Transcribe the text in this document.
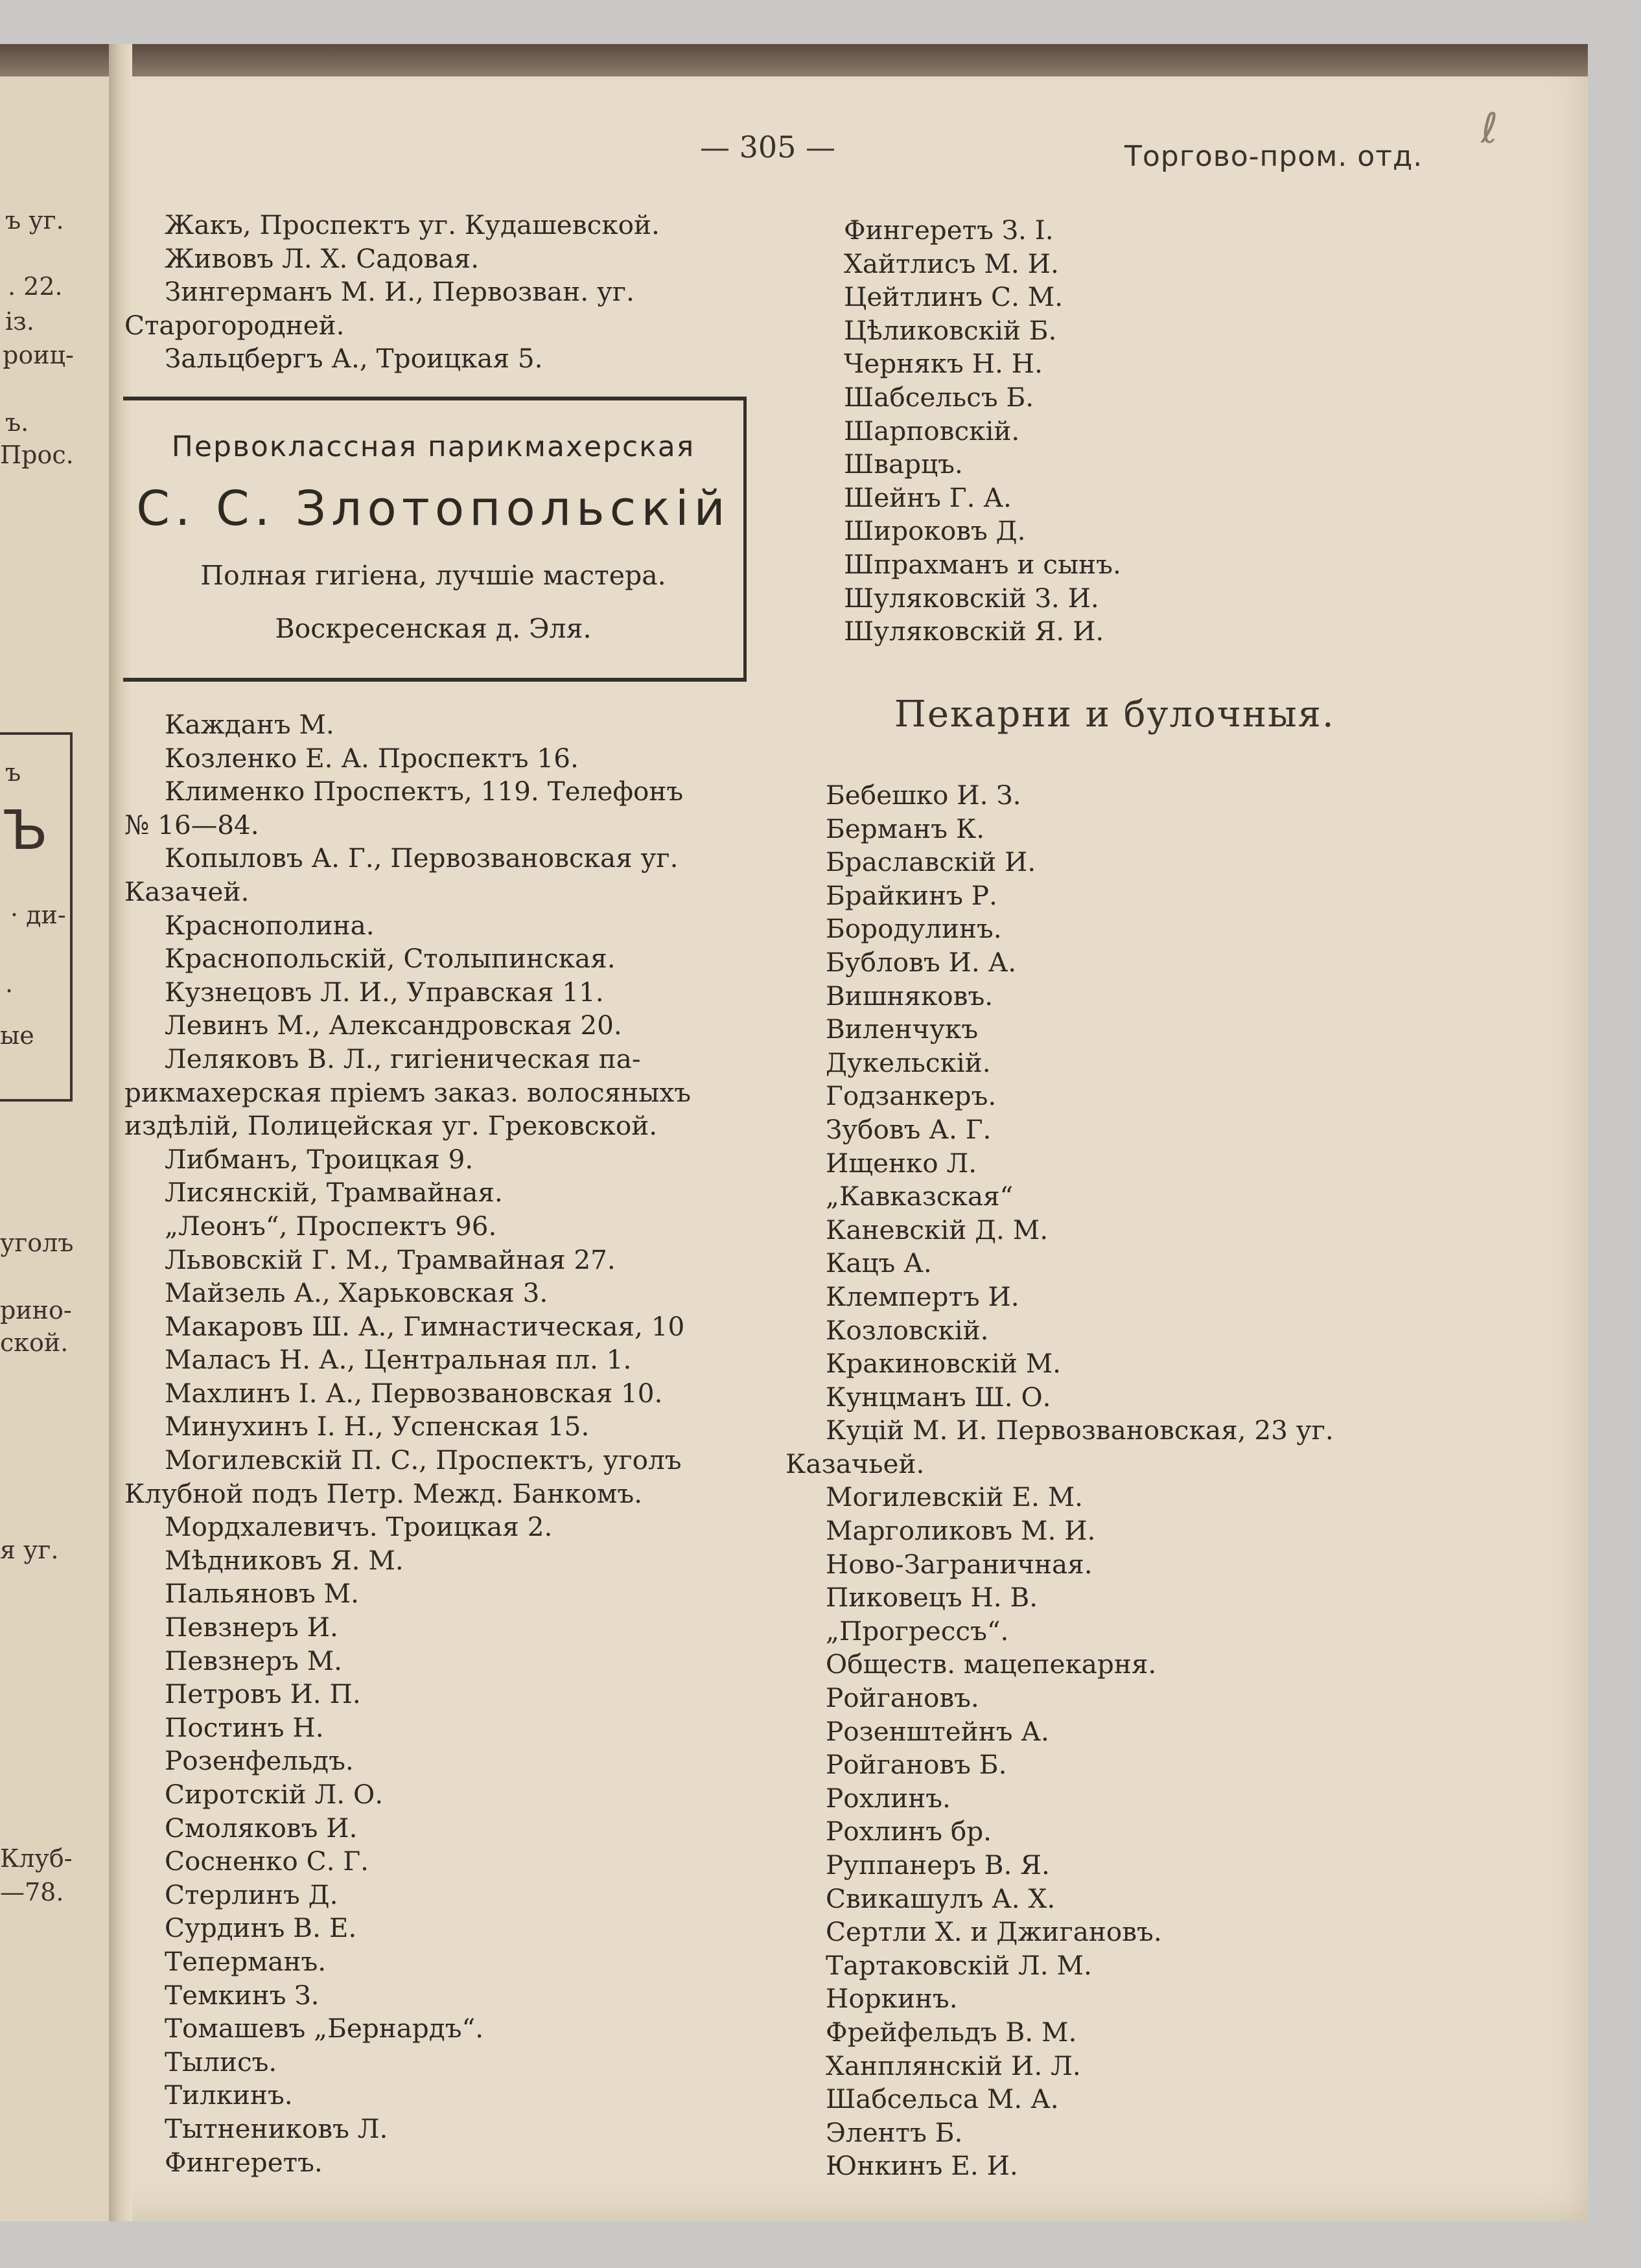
ъ уг.
. 22.
із.
роиц-
ъ.
Прос.
ъ
Ъ
· ди-
.
ые
уголъ
рино-
ской.
я уг.
Клуб-
—78.
— 305 —	Торгово-пром. отд.
ℓ
Жакъ, Проспектъ уг. Кудашевской.
Живовъ Л. Х. Садовая.
Зингерманъ М. И., Первозван. уг.
Старогородней.
Зальцбергъ А., Троицкая 5.
Первоклассная парикмахерская
С. С. Злотопольскій
Полная гигіена, лучшіе мастера.
Воскресенская д. Эля.
Кажданъ М.
Козленко Е. А. Проспектъ 16.
Клименко Проспектъ, 119. Телефонъ
№ 16—84.
Копыловъ А. Г., Первозвановская уг.
Казачей.
Краснополина.
Краснопольскій, Столыпинская.
Кузнецовъ Л. И., Управская 11.
Левинъ М., Александровская 20.
Леляковъ В. Л., гигіеническая па-
рикмахерская пріемъ заказ. волосяныхъ
издѣлій, Полицейская уг. Грековской.
Либманъ, Троицкая 9.
Лисянскій, Трамвайная.
„Леонъ“, Проспектъ 96.
Львовскій Г. М., Трамвайная 27.
Майзель А., Харьковская 3.
Макаровъ Ш. А., Гимнастическая, 10
Маласъ Н. А., Центральная пл. 1.
Махлинъ І. А., Первозвановская 10.
Минухинъ І. Н., Успенская 15.
Могилевскій П. С., Проспектъ, уголъ
Клубной подъ Петр. Межд. Банкомъ.
Мордхалевичъ. Троицкая 2.
Мѣдниковъ Я. М.
Пальяновъ М.
Певзнеръ И.
Певзнеръ М.
Петровъ И. П.
Постинъ Н.
Розенфельдъ.
Сиротскій Л. О.
Смоляковъ И.
Сосненко С. Г.
Стерлинъ Д.
Сурдинъ В. Е.
Теперманъ.
Темкинъ З.
Томашевъ „Бернардъ“.
Тылисъ.
Тилкинъ.
Тытнениковъ Л.
Фингеретъ.
Фингеретъ З. І.
Хайтлисъ М. И.
Цейтлинъ С. М.
Цѣликовскій Б.
Чернякъ Н. Н.
Шабсельсъ Б.
Шарповскій.
Шварцъ.
Шейнъ Г. А.
Широковъ Д.
Шпрахманъ и сынъ.
Шуляковскій З. И.
Шуляковскій Я. И.
Пекарни и булочныя.
Бебешко И. З.
Берманъ К.
Браславскій И.
Брайкинъ Р.
Бородулинъ.
Бубловъ И. А.
Вишняковъ.
Виленчукъ
Дукельскій.
Годзанкеръ.
Зубовъ А. Г.
Ищенко Л.
„Кавказская“
Каневскій Д. М.
Кацъ А.
Клемпертъ И.
Козловскій.
Кракиновскій М.
Кунцманъ Ш. О.
Куцій М. И. Первозвановская, 23 уг.
Казачьей.
Могилевскій Е. М.
Марголиковъ М. И.
Ново-Заграничная.
Пиковецъ Н. В.
„Прогрессъ“.
Обществ. мацепекарня.
Ройгановъ.
Розенштейнъ А.
Ройгановъ Б.
Рохлинъ.
Рохлинъ бр.
Руппанеръ В. Я.
Свикашулъ А. Х.
Сертли Х. и Джигановъ.
Тартаковскій Л. М.
Норкинъ.
Фрейфельдъ В. М.
Ханплянскій И. Л.
Шабсельса М. А.
Элентъ Б.
Юнкинъ Е. И.
